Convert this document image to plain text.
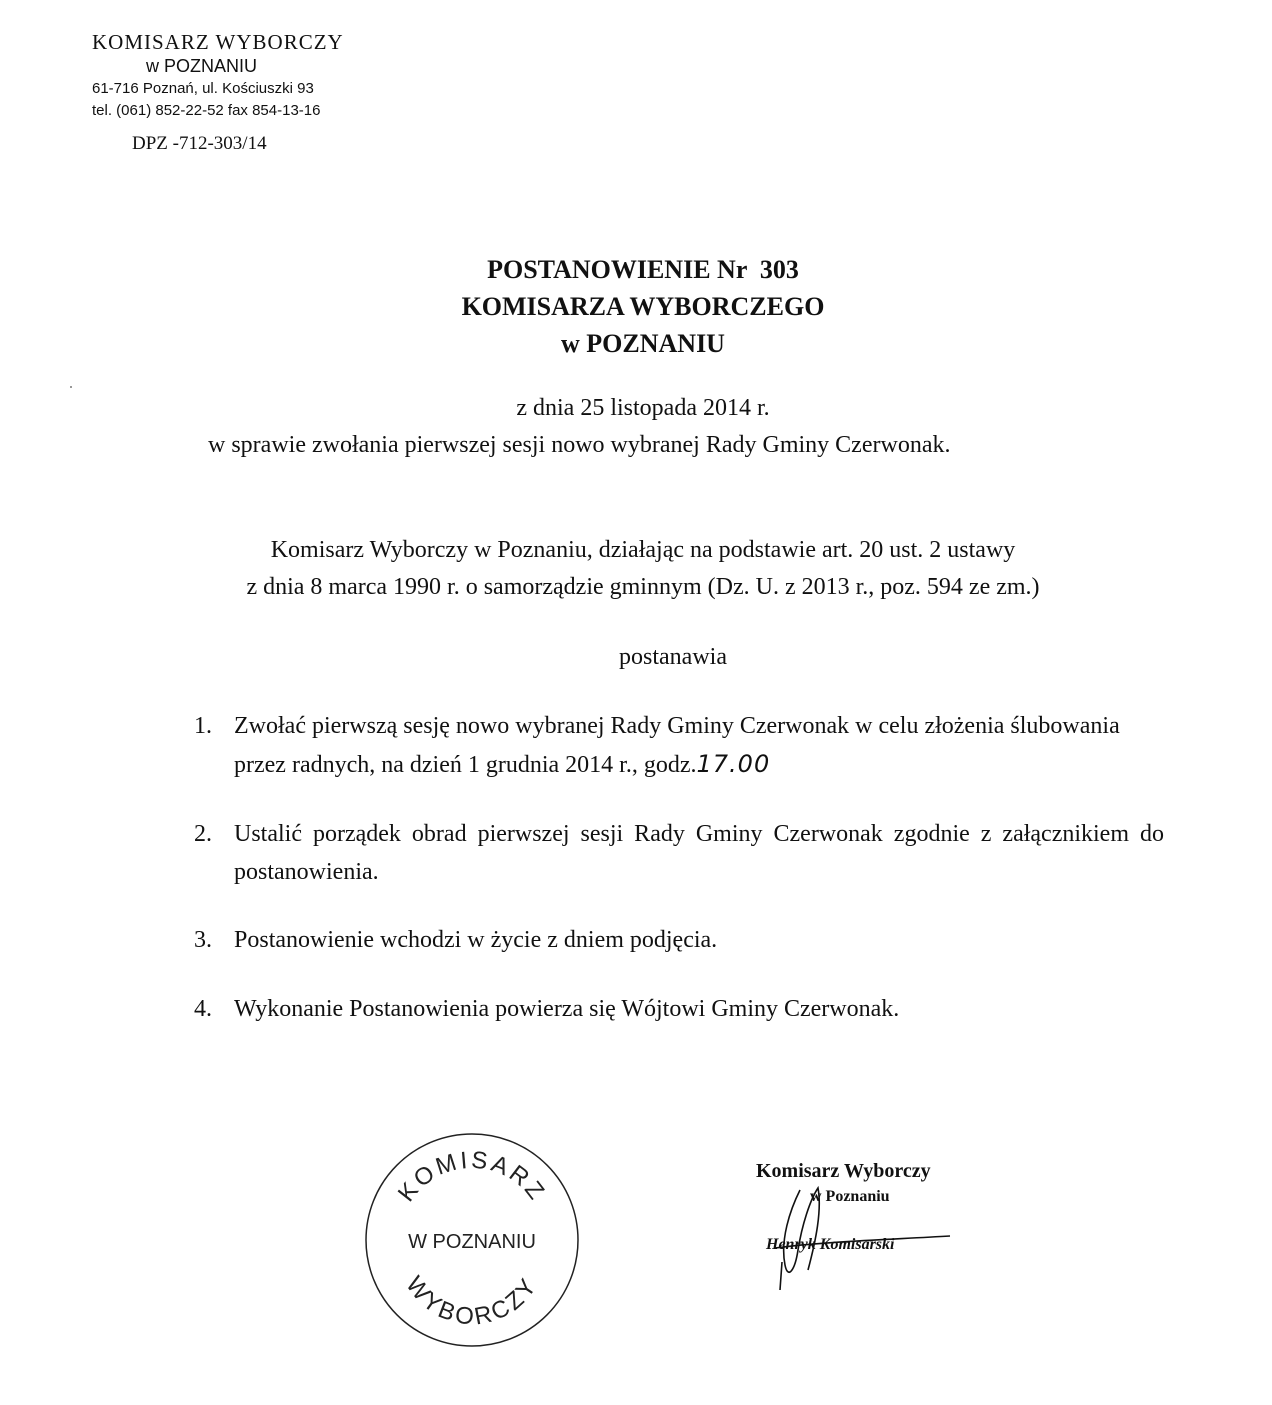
KOMISARZ WYBORCZY
w POZNANIU
61-716 Poznań, ul. Kościuszki 93
tel. (061) 852-22-52 fax 854-13-16
DPZ -712-303/14
POSTANOWIENIE Nr  303
KOMISARZA WYBORCZEGO
w POZNANIU
z dnia 25 listopada 2014 r.
w sprawie zwołania pierwszej sesji nowo wybranej Rady Gminy Czerwonak.
Komisarz Wyborczy w Poznaniu, działając na podstawie art. 20 ust. 2 ustawy
z dnia 8 marca 1990 r. o samorządzie gminnym (Dz. U. z 2013 r., poz. 594 ze zm.)
postanawia
1. Zwołać pierwszą sesję nowo wybranej Rady Gminy Czerwonak w celu złożenia ślubowania przez radnych, na dzień 1 grudnia 2014 r., godz.17.00
2. Ustalić porządek obrad pierwszej sesji Rady Gminy Czerwonak zgodnie z załącznikiem do postanowienia.
3. Postanowienie wchodzi w życie z dniem podjęcia.
4. Wykonanie Postanowienia powierza się Wójtowi Gminy Czerwonak.
KOMISARZ
W POZNANIU
WYBORCZY
Komisarz Wyborczy
w Poznaniu
Henryk Komisarski
